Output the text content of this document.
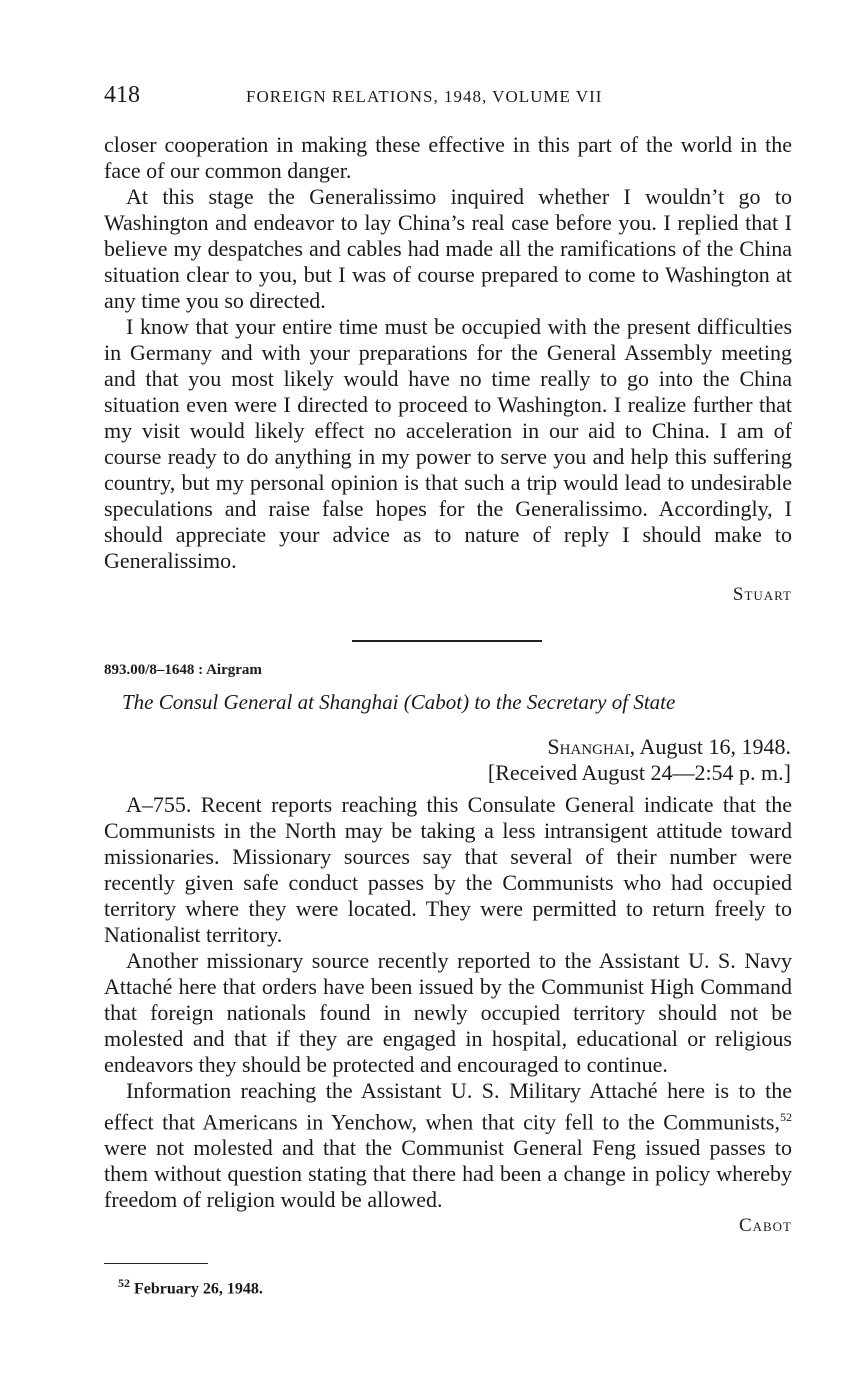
418	FOREIGN RELATIONS, 1948, VOLUME VII

closer cooperation in making these effective in this part of the world in the face of our common danger.

At this stage the Generalissimo inquired whether I wouldn’t go to Washington and endeavor to lay China’s real case before you. I replied that I believe my despatches and cables had made all the ramifications of the China situation clear to you, but I was of course prepared to come to Washington at any time you so directed.

I know that your entire time must be occupied with the present difficulties in Germany and with your preparations for the General Assembly meeting and that you most likely would have no time really to go into the China situation even were I directed to proceed to Washington. I realize further that my visit would likely effect no acceleration in our aid to China. I am of course ready to do anything in my power to serve you and help this suffering country, but my personal opinion is that such a trip would lead to undesirable speculations and raise false hopes for the Generalissimo. Accordingly, I should appreciate your advice as to nature of reply I should make to Generalissimo.

Stuart

893.00/8–1648 : Airgram
The Consul General at Shanghai (Cabot) to the Secretary of State
Shanghai, August 16, 1948.
[Received August 24—2:54 p. m.]

A–755. Recent reports reaching this Consulate General indicate that the Communists in the North may be taking a less intransigent attitude toward missionaries. Missionary sources say that several of their number were recently given safe conduct passes by the Communists who had occupied territory where they were located. They were permitted to return freely to Nationalist territory.

Another missionary source recently reported to the Assistant U. S. Navy Attaché here that orders have been issued by the Communist High Command that foreign nationals found in newly occupied territory should not be molested and that if they are engaged in hospital, educational or religious endeavors they should be protected and encouraged to continue.

Information reaching the Assistant U. S. Military Attaché here is to the effect that Americans in Yenchow, when that city fell to the Communists,$^{52}$ were not molested and that the Communist General Feng issued passes to them without question stating that there had been a change in policy whereby freedom of religion would be allowed.

Cabot

$^{52}$ February 26, 1948.
